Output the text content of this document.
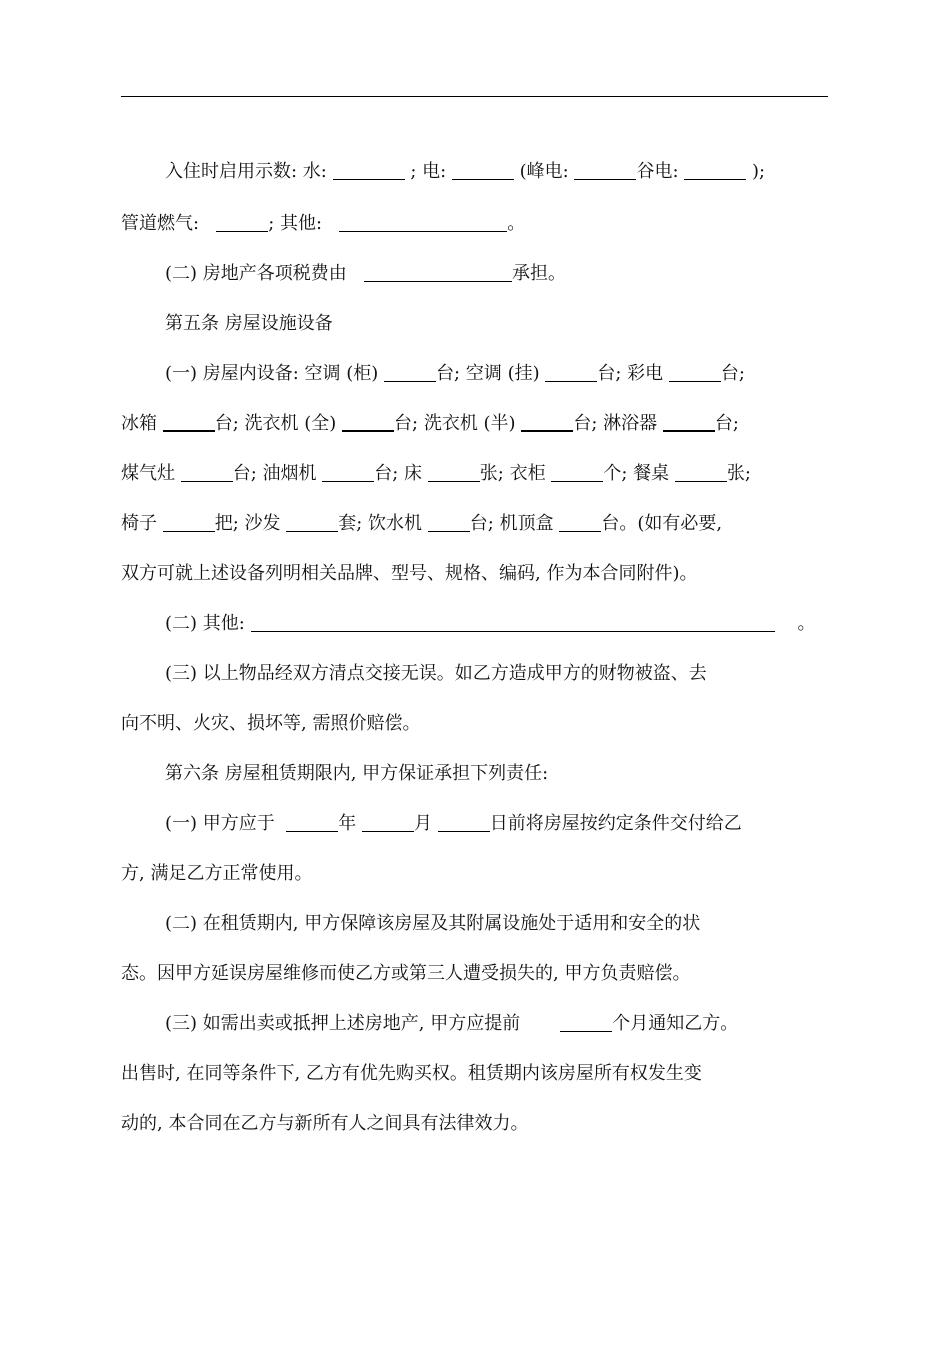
入住时启用示数: 水:	; 电:	(峰电:	谷电:	);
管道燃气:	; 其他:	。
(二) 房地产各项税费由	承担。
第五条 房屋设施设备
(一) 房屋内设备: 空调 (柜)	台; 空调 (挂)	台; 彩电	台;
冰箱	台; 洗衣机 (全)	台; 洗衣机 (半)	台; 淋浴器	台;
煤气灶	台; 油烟机	台; 床	张; 衣柜	个; 餐桌	张;
椅子	把; 沙发	套; 饮水机	台; 机顶盒	台。(如有必要,
双方可就上述设备列明相关品牌、型号、规格、编码, 作为本合同附件)。
(二) 其他:	。
(三) 以上物品经双方清点交接无误。如乙方造成甲方的财物被盗、去
向不明、火灾、损坏等, 需照价赔偿。
第六条 房屋租赁期限内, 甲方保证承担下列责任:
(一) 甲方应于	年	月	日前将房屋按约定条件交付给乙
方, 满足乙方正常使用。
(二) 在租赁期内, 甲方保障该房屋及其附属设施处于适用和安全的状
态。因甲方延误房屋维修而使乙方或第三人遭受损失的, 甲方负责赔偿。
(三) 如需出卖或抵押上述房地产, 甲方应提前	个月通知乙方。
出售时, 在同等条件下, 乙方有优先购买权。租赁期内该房屋所有权发生变
动的, 本合同在乙方与新所有人之间具有法律效力。
